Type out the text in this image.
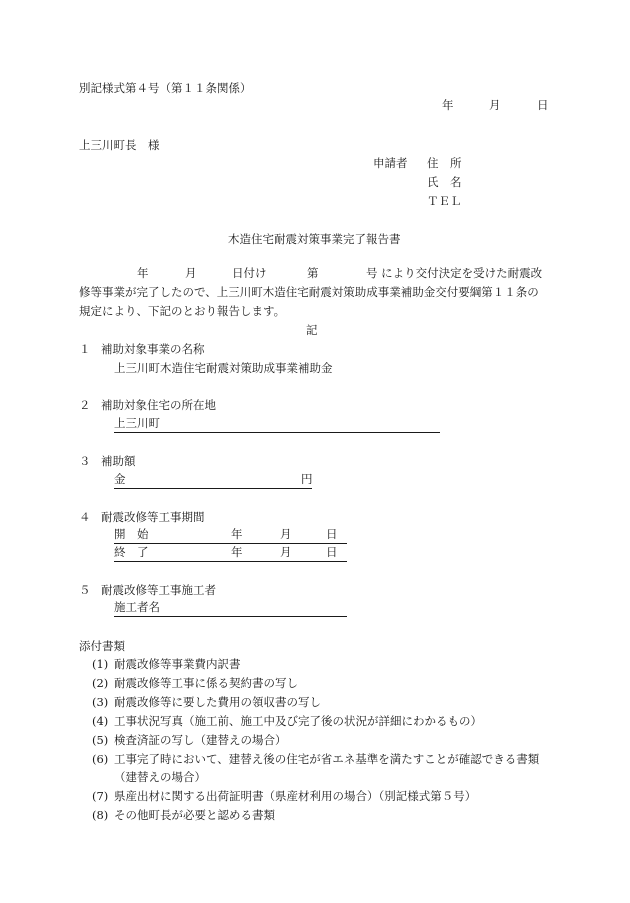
別記様式第４号（第１１条関係）
年	月	日
上三川町長　様
申請者 住　所
氏　名
ＴＥＬ
木造住宅耐震対策事業完了報告書
年	月	日付け	第	号 により交付決定を受けた耐震改
修等事業が完了したので、上三川町木造住宅耐震対策助成事業補助金交付要綱第１１条の
規定により、下記のとおり報告します。
記
１ 補助対象事業の名称
上三川町木造住宅耐震対策助成事業補助金
２ 補助対象住宅の所在地
上三川町
３ 補助額
金	円
４ 耐震改修等工事期間
開　始	年	月	日
終　了	年	月	日
５ 耐震改修等工事施工者
施工者名
添付書類
(1) 耐震改修等事業費内訳書
(2) 耐震改修等工事に係る契約書の写し
(3) 耐震改修等に要した費用の領収書の写し
(4) 工事状況写真（施工前、施工中及び完了後の状況が詳細にわかるもの）
(5) 検査済証の写し（建替えの場合）
(6) 工事完了時において、建替え後の住宅が省エネ基準を満たすことが確認できる書類
（建替えの場合）
(7) 県産出材に関する出荷証明書（県産材利用の場合）（別記様式第５号）
(8) その他町長が必要と認める書類
